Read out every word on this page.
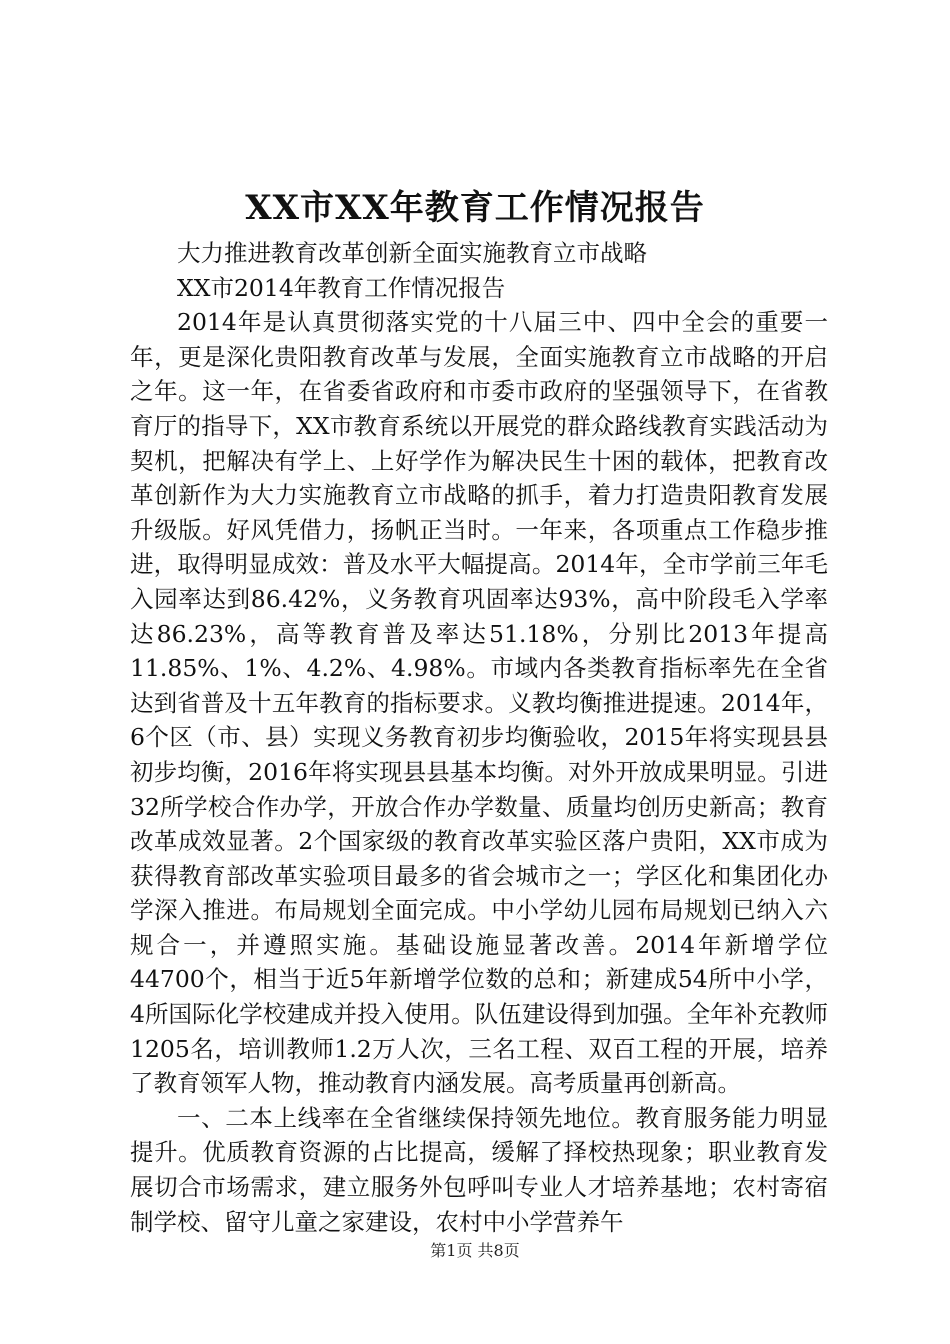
XX市XX年教育工作情况报告

大力推进教育改革创新全面实施教育立市战略

XX市2014年教育工作情况报告

2014年是认真贯彻落实党的十八届三中、四中全会的重要一年，更是深化贵阳教育改革与发展，全面实施教育立市战略的开启之年。这一年，在省委省政府和市委市政府的坚强领导下，在省教育厅的指导下，XX市教育系统以开展党的群众路线教育实践活动为契机，把解决有学上、上好学作为解决民生十困的载体，把教育改革创新作为大力实施教育立市战略的抓手，着力打造贵阳教育发展升级版。好风凭借力，扬帆正当时。一年来，各项重点工作稳步推进，取得明显成效：普及水平大幅提高。2014年，全市学前三年毛入园率达到86.42%，义务教育巩固率达93%，高中阶段毛入学率达86.23%，高等教育普及率达51.18%，分别比2013年提高11.85%、1%、4.2%、4.98%。市域内各类教育指标率先在全省达到省普及十五年教育的指标要求。义教均衡推进提速。2014年，6个区（市、县）实现义务教育初步均衡验收，2015年将实现县县初步均衡，2016年将实现县县基本均衡。对外开放成果明显。引进32所学校合作办学，开放合作办学数量、质量均创历史新高；教育改革成效显著。2个国家级的教育改革实验区落户贵阳，XX市成为获得教育部改革实验项目最多的省会城市之一；学区化和集团化办学深入推进。布局规划全面完成。中小学幼儿园布局规划已纳入六规合一，并遵照实施。基础设施显著改善。2014年新增学位44700个，相当于近5年新增学位数的总和；新建成54所中小学，4所国际化学校建成并投入使用。队伍建设得到加强。全年补充教师1205名，培训教师1.2万人次，三名工程、双百工程的开展，培养了教育领军人物，推动教育内涵发展。高考质量再创新高。

一、二本上线率在全省继续保持领先地位。教育服务能力明显提升。优质教育资源的占比提高，缓解了择校热现象；职业教育发展切合市场需求，建立服务外包呼叫专业人才培养基地；农村寄宿制学校、留守儿童之家建设，农村中小学营养午

第1页 共8页
